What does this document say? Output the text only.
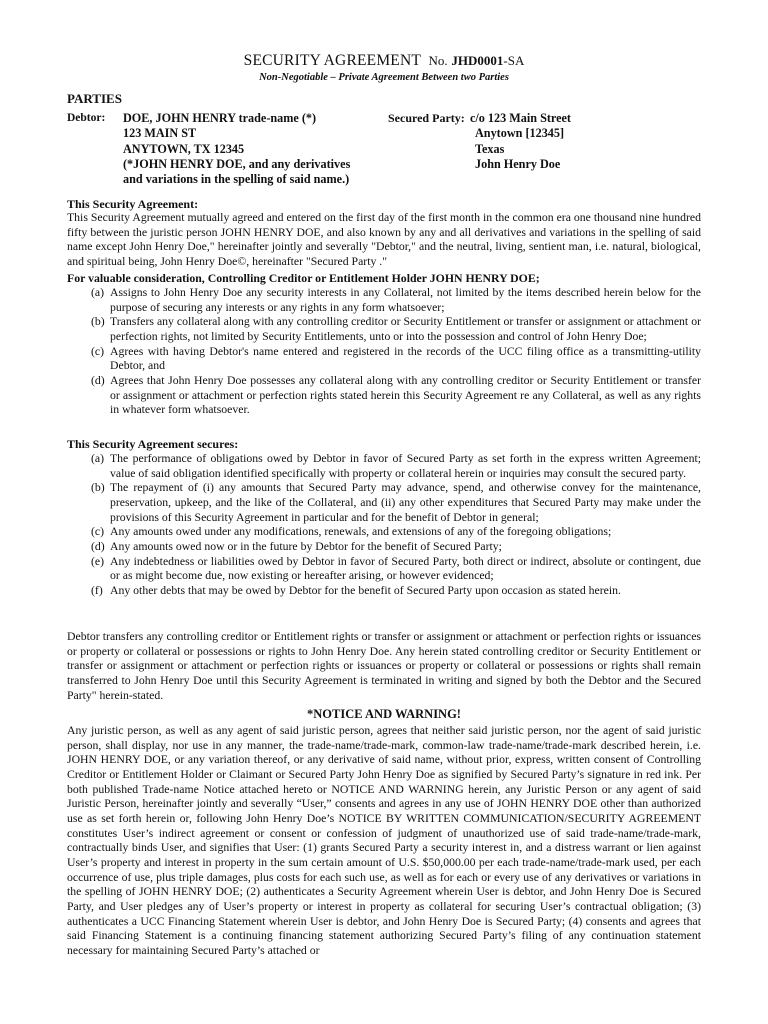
SECURITY AGREEMENT No. JHD0001-SA
Non-Negotiable – Private Agreement Between two Parties
PARTIES
Debtor: DOE, JOHN HENRY trade-name (*)
123 MAIN ST
ANYTOWN, TX 12345
(*JOHN HENRY DOE, and any derivatives
and variations in the spelling of said name.)
Secured Party: c/o 123 Main Street
Anytown [12345]
Texas
John Henry Doe
This Security Agreement:
This Security Agreement mutually agreed and entered on the first day of the first month in the common era one thousand nine hundred fifty between the juristic person JOHN HENRY DOE, and also known by any and all derivatives and variations in the spelling of said name except John Henry Doe," hereinafter jointly and severally "Debtor," and the neutral, living, sentient man, i.e. natural, biological, and spiritual being, John Henry Doe©, hereinafter "Secured Party ."
For valuable consideration, Controlling Creditor or Entitlement Holder JOHN HENRY DOE;
(a) Assigns to John Henry Doe any security interests in any Collateral, not limited by the items described herein below for the purpose of securing any interests or any rights in any form whatsoever;
(b) Transfers any collateral along with any controlling creditor or Security Entitlement or transfer or assignment or attachment or perfection rights, not limited by Security Entitlements, unto or into the possession and control of John Henry Doe;
(c) Agrees with having Debtor's name entered and registered in the records of the UCC filing office as a transmitting-utility Debtor, and
(d) Agrees that John Henry Doe possesses any collateral along with any controlling creditor or Security Entitlement or transfer or assignment or attachment or perfection rights stated herein this Security Agreement re any Collateral, as well as any rights in whatever form whatsoever.
This Security Agreement secures:
(a) The performance of obligations owed by Debtor in favor of Secured Party as set forth in the express written Agreement; value of said obligation identified specifically with property or collateral herein or inquiries may consult the secured party.
(b) The repayment of (i) any amounts that Secured Party may advance, spend, and otherwise convey for the maintenance, preservation, upkeep, and the like of the Collateral, and (ii) any other expenditures that Secured Party may make under the provisions of this Security Agreement in particular and for the benefit of Debtor in general;
(c) Any amounts owed under any modifications, renewals, and extensions of any of the foregoing obligations;
(d) Any amounts owed now or in the future by Debtor for the benefit of Secured Party;
(e) Any indebtedness or liabilities owed by Debtor in favor of Secured Party, both direct or indirect, absolute or contingent, due or as might become due, now existing or hereafter arising, or however evidenced;
(f) Any other debts that may be owed by Debtor for the benefit of Secured Party upon occasion as stated herein.
Debtor transfers any controlling creditor or Entitlement rights or transfer or assignment or attachment or perfection rights or issuances or property or collateral or possessions or rights to John Henry Doe. Any herein stated controlling creditor or Security Entitlement or transfer or assignment or attachment or perfection rights or issuances or property or collateral or possessions or rights shall remain transferred to John Henry Doe until this Security Agreement is terminated in writing and signed by both the Debtor and the Secured Party" herein-stated.
*NOTICE AND WARNING!
Any juristic person, as well as any agent of said juristic person, agrees that neither said juristic person, nor the agent of said juristic person, shall display, nor use in any manner, the trade-name/trade-mark, common-law trade-name/trade-mark described herein, i.e. JOHN HENRY DOE, or any variation thereof, or any derivative of said name, without prior, express, written consent of Controlling Creditor or Entitlement Holder or Claimant or Secured Party John Henry Doe as signified by Secured Party’s signature in red ink. Per both published Trade-name Notice attached hereto or NOTICE AND WARNING herein, any Juristic Person or any agent of said Juristic Person, hereinafter jointly and severally “User,” consents and agrees in any use of JOHN HENRY DOE other than authorized use as set forth herein or, following John Henry Doe’s NOTICE BY WRITTEN COMMUNICATION/SECURITY AGREEMENT constitutes User’s indirect agreement or consent or confession of judgment of unauthorized use of said trade-name/trade-mark, contractually binds User, and signifies that User: (1) grants Secured Party a security interest in, and a distress warrant or lien against User’s property and interest in property in the sum certain amount of U.S. $50,000.00 per each trade-name/trade-mark used, per each occurrence of use, plus triple damages, plus costs for each such use, as well as for each or every use of any derivatives or variations in the spelling of JOHN HENRY DOE; (2) authenticates a Security Agreement wherein User is debtor, and John Henry Doe is Secured Party, and User pledges any of User’s property or interest in property as collateral for securing User’s contractual obligation; (3) authenticates a UCC Financing Statement wherein User is debtor, and John Henry Doe is Secured Party; (4) consents and agrees that said Financing Statement is a continuing financing statement authorizing Secured Party’s filing of any continuation statement necessary for maintaining Secured Party’s attached or
